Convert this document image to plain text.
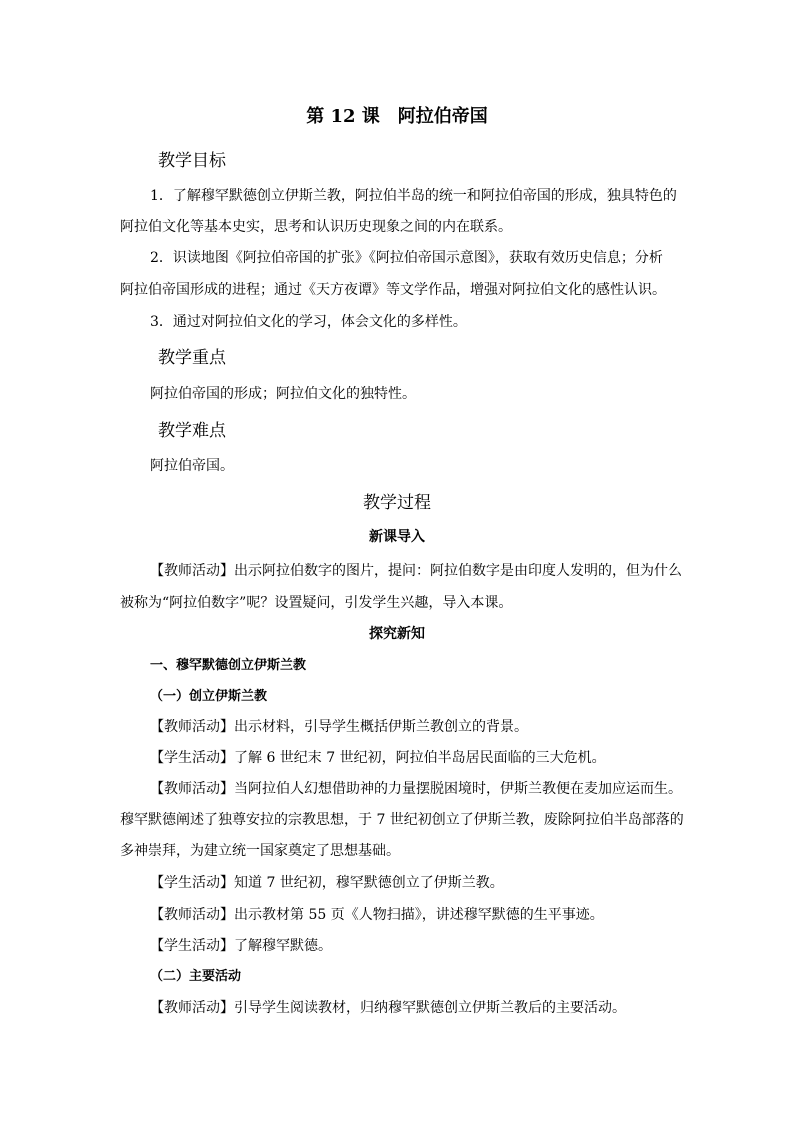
第 12 课　阿拉伯帝国
教学目标
1．了解穆罕默德创立伊斯兰教，阿拉伯半岛的统一和阿拉伯帝国的形成，独具特色的
阿拉伯文化等基本史实，思考和认识历史现象之间的内在联系。
2．识读地图《阿拉伯帝国的扩张》《阿拉伯帝国示意图》，获取有效历史信息；分析
阿拉伯帝国形成的进程；通过《天方夜谭》等文学作品，增强对阿拉伯文化的感性认识。
3．通过对阿拉伯文化的学习，体会文化的多样性。
教学重点
阿拉伯帝国的形成；阿拉伯文化的独特性。
教学难点
阿拉伯帝国。
教学过程
新课导入
【教师活动】出示阿拉伯数字的图片，提问：阿拉伯数字是由印度人发明的，但为什么
被称为“阿拉伯数字”呢？设置疑问，引发学生兴趣，导入本课。
探究新知
一、穆罕默德创立伊斯兰教
（一）创立伊斯兰教
【教师活动】出示材料，引导学生概括伊斯兰教创立的背景。
【学生活动】了解 6 世纪末 7 世纪初，阿拉伯半岛居民面临的三大危机。
【教师活动】当阿拉伯人幻想借助神的力量摆脱困境时，伊斯兰教便在麦加应运而生。
穆罕默德阐述了独尊安拉的宗教思想，于 7 世纪初创立了伊斯兰教，废除阿拉伯半岛部落的
多神崇拜，为建立统一国家奠定了思想基础。
【学生活动】知道 7 世纪初，穆罕默德创立了伊斯兰教。
【教师活动】出示教材第 55 页《人物扫描》，讲述穆罕默德的生平事迹。
【学生活动】了解穆罕默德。
（二）主要活动
【教师活动】引导学生阅读教材，归纳穆罕默德创立伊斯兰教后的主要活动。
